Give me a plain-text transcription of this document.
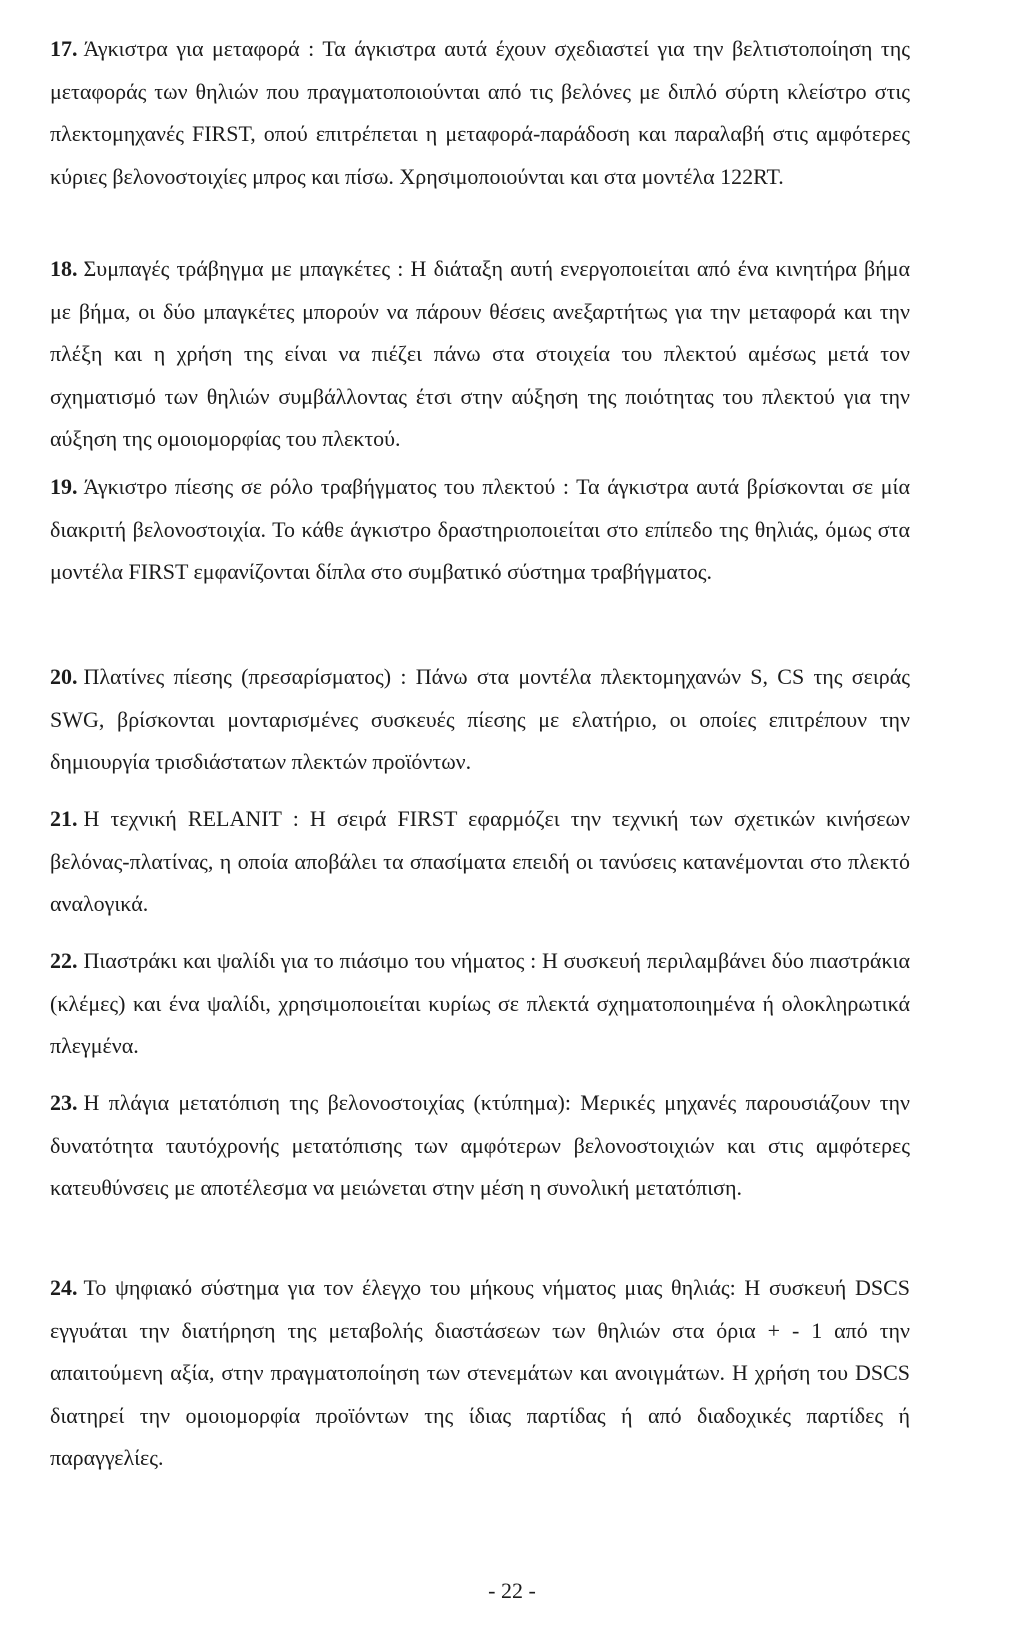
17. Άγκιστρα για μεταφορά : Τα άγκιστρα αυτά έχουν σχεδιαστεί για την βελτιστοποίηση της μεταφοράς των θηλιών που πραγματοποιούνται από τις βελόνες με διπλό σύρτη κλείστρο στις πλεκτομηχανές FIRST, οπού επιτρέπεται η μεταφορά-παράδοση και παραλαβή στις αμφότερες κύριες βελονοστοιχίες μπρος και πίσω. Χρησιμοποιούνται και στα μοντέλα 122RT.
18. Συμπαγές τράβηγμα με μπαγκέτες : Η διάταξη αυτή ενεργοποιείται από ένα κινητήρα βήμα με βήμα, οι δύο μπαγκέτες μπορούν να πάρουν θέσεις ανεξαρτήτως για την μεταφορά και την πλέξη και η χρήση της είναι να πιέζει πάνω στα στοιχεία του πλεκτού αμέσως μετά τον σχηματισμό των θηλιών συμβάλλοντας έτσι στην αύξηση της ποιότητας του πλεκτού για την αύξηση της ομοιομορφίας του πλεκτού.
19. Άγκιστρο πίεσης σε ρόλο τραβήγματος του πλεκτού : Τα άγκιστρα αυτά βρίσκονται σε μία διακριτή βελονοστοιχία. Το κάθε άγκιστρο δραστηριοποιείται στο επίπεδο της θηλιάς, όμως στα μοντέλα FIRST εμφανίζονται δίπλα στο συμβατικό σύστημα τραβήγματος.
20. Πλατίνες πίεσης (πρεσαρίσματος) : Πάνω στα μοντέλα πλεκτομηχανών S, CS της σειράς SWG, βρίσκονται μονταρισμένες συσκευές πίεσης με ελατήριο, οι οποίες επιτρέπουν την δημιουργία τρισδιάστατων πλεκτών προϊόντων.
21. Η τεχνική RELANIT : Η σειρά FIRST εφαρμόζει την τεχνική των σχετικών κινήσεων βελόνας-πλατίνας, η οποία αποβάλει τα σπασίματα επειδή οι τανύσεις κατανέμονται στο πλεκτό αναλογικά.
22. Πιαστράκι και ψαλίδι για το πιάσιμο του νήματος : Η συσκευή περιλαμβάνει δύο πιαστράκια (κλέμες) και ένα ψαλίδι, χρησιμοποιείται κυρίως σε πλεκτά σχηματοποιημένα ή ολοκληρωτικά πλεγμένα.
23. Η πλάγια μετατόπιση της βελονοστοιχίας (κτύπημα): Μερικές μηχανές παρουσιάζουν την δυνατότητα ταυτόχρονής μετατόπισης των αμφότερων βελονοστοιχιών και στις αμφότερες κατευθύνσεις με αποτέλεσμα να μειώνεται στην μέση η συνολική μετατόπιση.
24. Το ψηφιακό σύστημα για τον έλεγχο του μήκους νήματος μιας θηλιάς: Η συσκευή DSCS εγγυάται την διατήρηση της μεταβολής διαστάσεων των θηλιών στα όρια + - 1 από την απαιτούμενη αξία, στην πραγματοποίηση των στενεμάτων και ανοιγμάτων. Η χρήση του DSCS διατηρεί την ομοιομορφία προϊόντων της ίδιας παρτίδας ή από διαδοχικές παρτίδες ή παραγγελίες.
- 22 -
